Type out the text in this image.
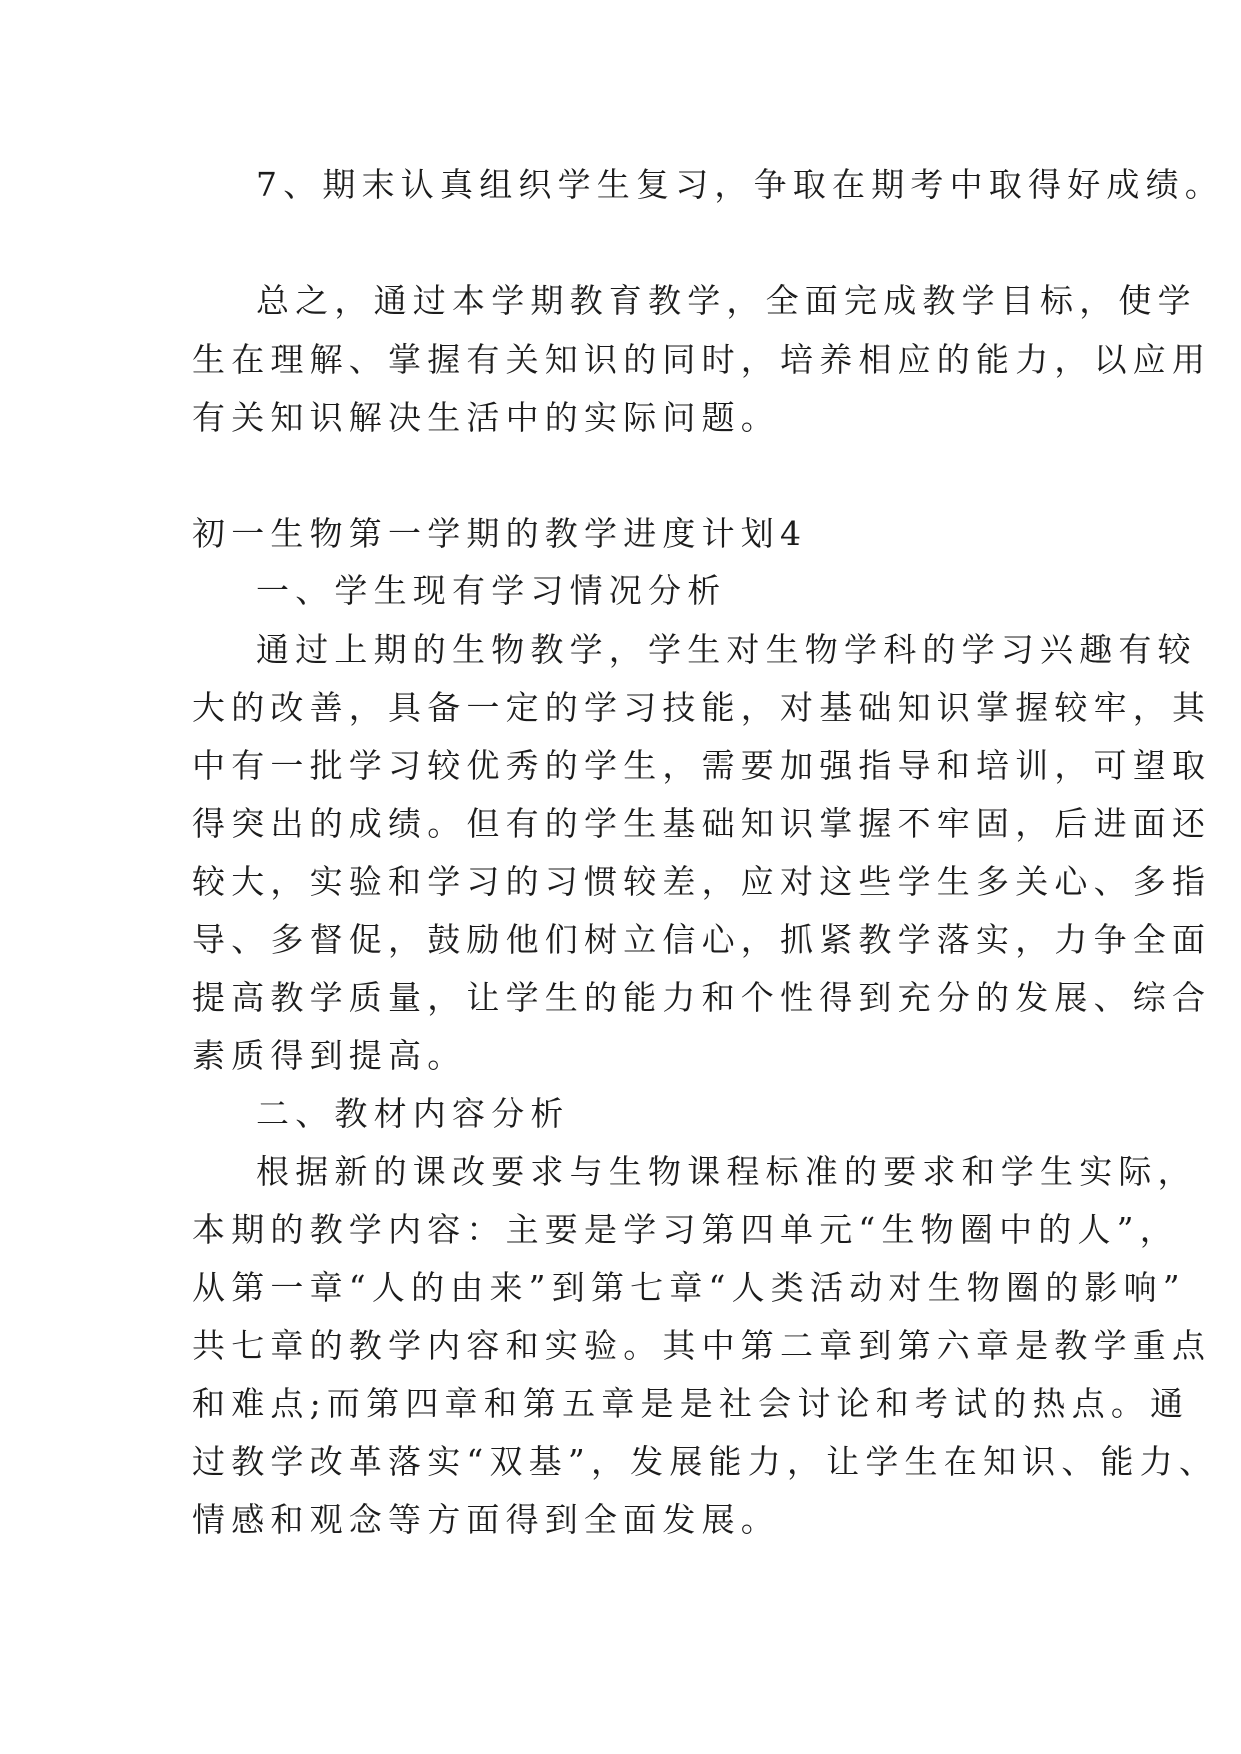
7、期末认真组织学生复习，争取在期考中取得好成绩。

总之，通过本学期教育教学，全面完成教学目标，使学

生在理解、掌握有关知识的同时，培养相应的能力，以应用

有关知识解决生活中的实际问题。

初一生物第一学期的教学进度计划4

一、学生现有学习情况分析

通过上期的生物教学，学生对生物学科的学习兴趣有较

大的改善，具备一定的学习技能，对基础知识掌握较牢，其

中有一批学习较优秀的学生，需要加强指导和培训，可望取

得突出的成绩。但有的学生基础知识掌握不牢固，后进面还

较大，实验和学习的习惯较差，应对这些学生多关心、多指

导、多督促，鼓励他们树立信心，抓紧教学落实，力争全面

提高教学质量，让学生的能力和个性得到充分的发展、综合

素质得到提高。

二、教材内容分析

根据新的课改要求与生物课程标准的要求和学生实际，

本期的教学内容：主要是学习第四单元“生物圈中的人”，

从第一章“人的由来”到第七章“人类活动对生物圈的影响”

共七章的教学内容和实验。其中第二章到第六章是教学重点

和难点;而第四章和第五章是是社会讨论和考试的热点。通

过教学改革落实“双基”，发展能力，让学生在知识、能力、

情感和观念等方面得到全面发展。
